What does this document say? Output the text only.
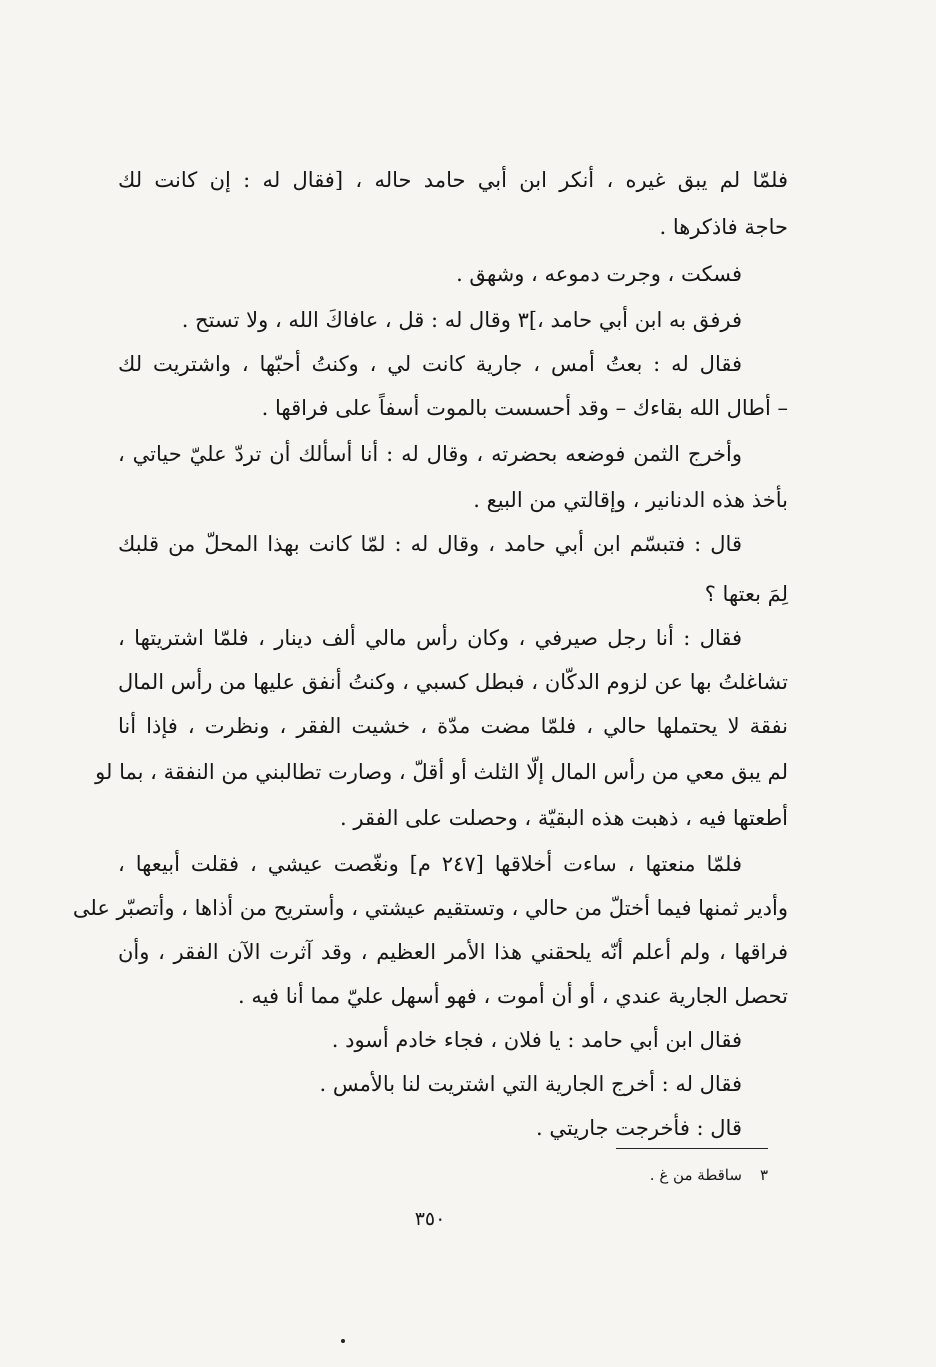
فلمّا لم يبق غيره ، أنكر ابن أبي حامد حاله ، [فقال له : إن كانت لك
حاجة فاذكرها .
فسكت ، وجرت دموعه ، وشهق .
فرفق به ابن أبي حامد ،]٣ وقال له : قل ، عافاكَ الله ، ولا تستح .
فقال له : بعتُ أمس ، جارية كانت لي ، وكنتُ أحبّها ، واشتريت لك
– أطال الله بقاءك – وقد أحسست بالموت أسفاً على فراقها .
وأخرج الثمن فوضعه بحضرته ، وقال له : أنا أسألك أن تردّ عليّ حياتي ،
بأخذ هذه الدنانير ، وإقالتي من البيع .
قال : فتبسّم ابن أبي حامد ، وقال له : لمّا كانت بهذا المحلّ من قلبك
لِمَ بعتها ؟
فقال : أنا رجل صيرفي ، وكان رأس مالي ألف دينار ، فلمّا اشتريتها ،
تشاغلتُ بها عن لزوم الدكّان ، فبطل كسبي ، وكنتُ أنفق عليها من رأس المال
نفقة لا يحتملها حالي ، فلمّا مضت مدّة ، خشيت الفقر ، ونظرت ، فإذا أنا
لم يبق معي من رأس المال إلّا الثلث أو أقلّ ، وصارت تطالبني من النفقة ، بما لو
أطعتها فيه ، ذهبت هذه البقيّة ، وحصلت على الفقر .
فلمّا منعتها ، ساءت أخلاقها [٢٤٧ م] ونغّصت عيشي ، فقلت أبيعها ،
وأدير ثمنها فيما أختلّ من حالي ، وتستقيم عيشتي ، وأستريح من أذاها ، وأتصبّر على
فراقها ، ولم أعلم أنّه يلحقني هذا الأمر العظيم ، وقد آثرت الآن الفقر ، وأن
تحصل الجارية عندي ، أو أن أموت ، فهو أسهل عليّ مما أنا فيه .
فقال ابن أبي حامد : يا فلان ، فجاء خادم أسود .
فقال له : أخرج الجارية التي اشتريت لنا بالأمس .
قال : فأخرجت جاريتي .
٣ساقطة من غ .
٣٥٠
